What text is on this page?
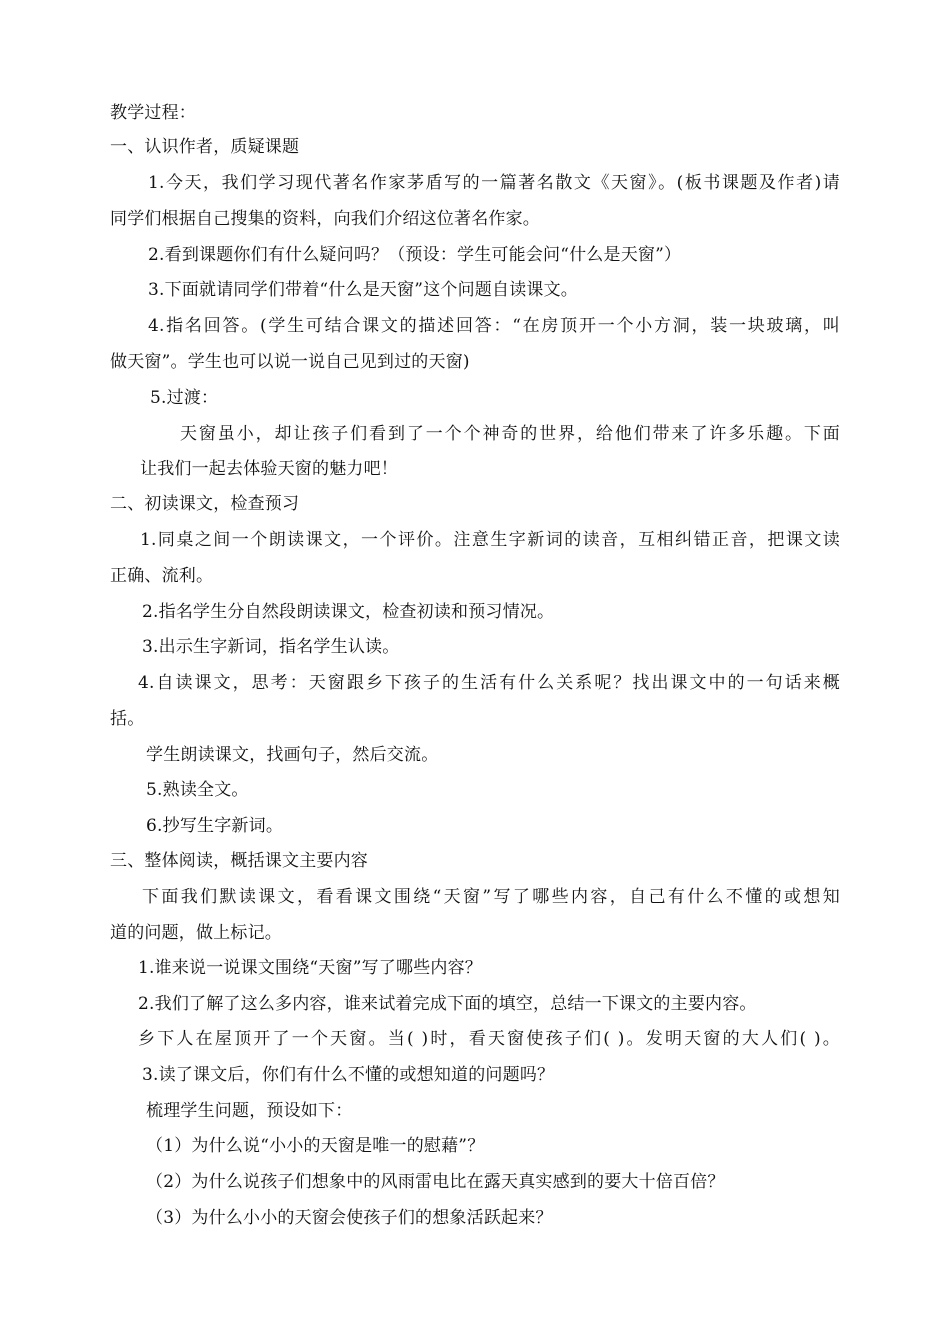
教学过程：
一、认识作者，质疑课题
1.今天，我们学习现代著名作家茅盾写的一篇著名散文《天窗》。(板书课题及作者)请
同学们根据自己搜集的资料，向我们介绍这位著名作家。
2.看到课题你们有什么疑问吗？（预设：学生可能会问“什么是天窗”）
3.下面就请同学们带着“什么是天窗”这个问题自读课文。
4.指名回答。(学生可结合课文的描述回答：“在房顶开一个小方洞，装一块玻璃，叫
做天窗”。学生也可以说一说自己见到过的天窗)
5.过渡：
天窗虽小，却让孩子们看到了一个个神奇的世界，给他们带来了许多乐趣。下面
让我们一起去体验天窗的魅力吧！
二、初读课文，检查预习
1.同桌之间一个朗读课文，一个评价。注意生字新词的读音，互相纠错正音，把课文读
正确、流利。
2.指名学生分自然段朗读课文，检查初读和预习情况。
3.出示生字新词，指名学生认读。
4.自读课文，思考：天窗跟乡下孩子的生活有什么关系呢？找出课文中的一句话来概
括。
学生朗读课文，找画句子，然后交流。
5.熟读全文。
6.抄写生字新词。
三、整体阅读，概括课文主要内容
下面我们默读课文，看看课文围绕“天窗”写了哪些内容，自己有什么不懂的或想知
道的问题，做上标记。
1.谁来说一说课文围绕“天窗”写了哪些内容？
2.我们了解了这么多内容，谁来试着完成下面的填空，总结一下课文的主要内容。
乡下人在屋顶开了一个天窗。当( )时，看天窗使孩子们( )。发明天窗的大人们( )。
3.读了课文后，你们有什么不懂的或想知道的问题吗？
梳理学生问题，预设如下：
（1）为什么说“小小的天窗是唯一的慰藉”？
（2）为什么说孩子们想象中的风雨雷电比在露天真实感到的要大十倍百倍？
（3）为什么小小的天窗会使孩子们的想象活跃起来？
